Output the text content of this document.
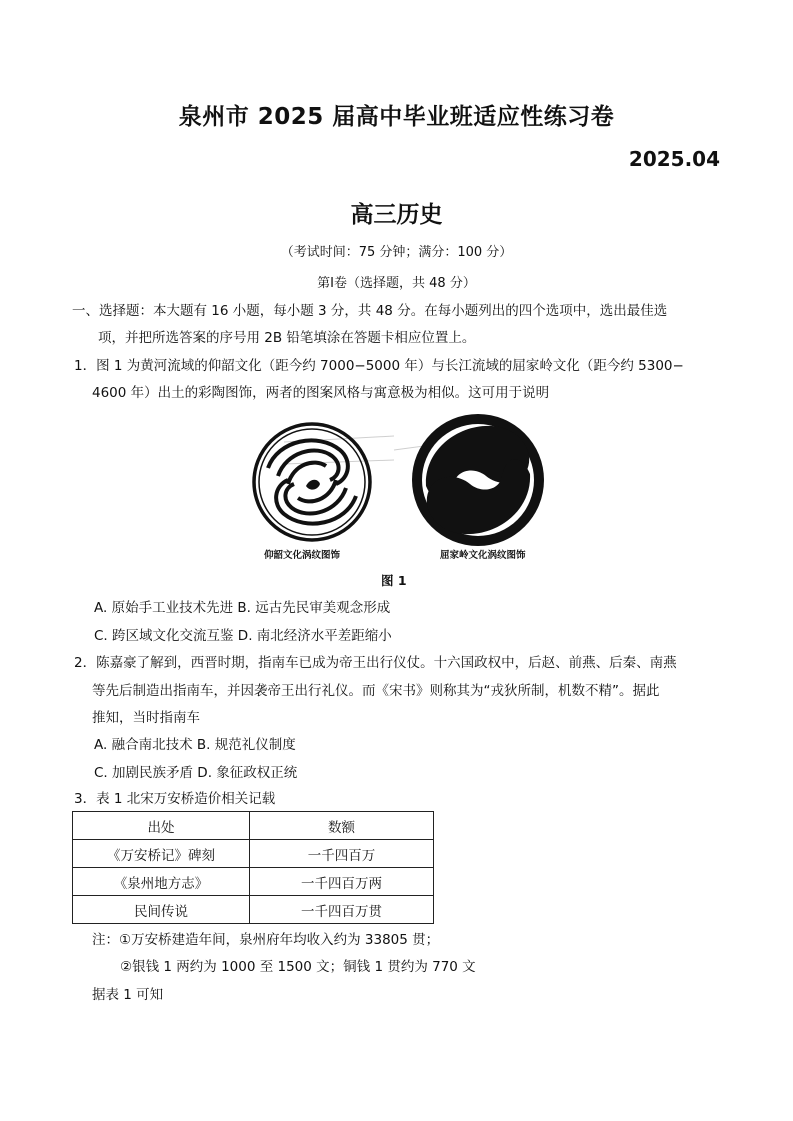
泉州市 2025 届高中毕业班适应性练习卷
2025.04
高三历史
（考试时间：75 分钟；满分：100 分）
第Ⅰ卷（选择题，共 48 分）
一、选择题：本大题有 16 小题，每小题 3 分，共 48 分。在每小题列出的四个选项中，选出最佳选
项，并把所选答案的序号用 2B 铅笔填涂在答题卡相应位置上。
1．图 1 为黄河流域的仰韶文化（距今约 7000−5000 年）与长江流域的屈家岭文化（距今约 5300−
4600 年）出土的彩陶图饰，两者的图案风格与寓意极为相似。这可用于说明
仰韶文化涡纹图饰	屈家岭文化涡纹图饰
图 1
A. 原始手工业技术先进 B. 远古先民审美观念形成
C. 跨区域文化交流互鉴 D. 南北经济水平差距缩小
2．陈嘉豪了解到，西晋时期，指南车已成为帝王出行仪仗。十六国政权中，后赵、前燕、后秦、南燕
等先后制造出指南车，并因袭帝王出行礼仪。而《宋书》则称其为“戎狄所制，机数不精”。据此
推知，当时指南车
A. 融合南北技术 B. 规范礼仪制度
C. 加剧民族矛盾 D. 象征政权正统
3．表 1 北宋万安桥造价相关记载
出处	数额
《万安桥记》碑刻	一千四百万
《泉州地方志》	一千四百万两
民间传说	一千四百万贯
注：①万安桥建造年间，泉州府年均收入约为 33805 贯；
②银钱 1 两约为 1000 至 1500 文；铜钱 1 贯约为 770 文
据表 1 可知
